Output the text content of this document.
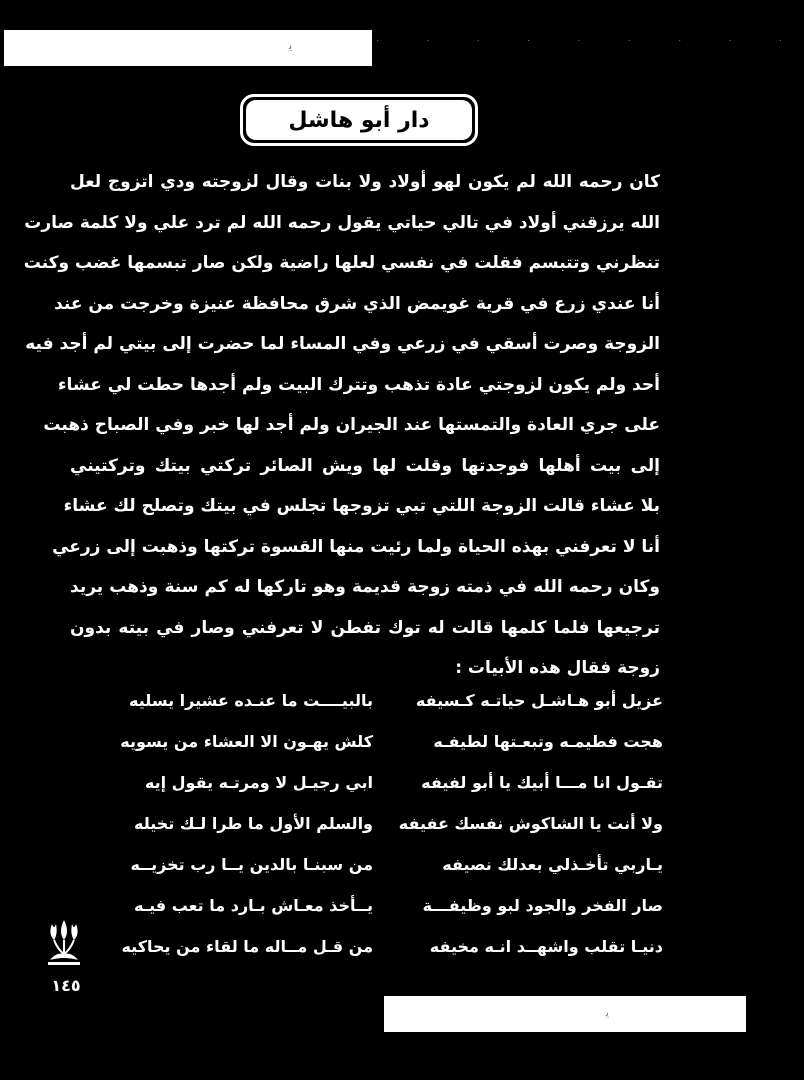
ﯾ	· · · · · · · · ·
دار أبو هاشل
كان رحمه الله لم يكون لهو أولاد ولا بنات وقال لزوجته ودي اتزوج لعل
الله يرزقني أولاد في تالي حياتي يقول رحمه الله لم ترد علي ولا كلمة صارت
تنظرني وتتبسم فقلت في نفسي لعلها راضية ولكن صار تبسمها غضب وكنت
أنا عندي زرع في قرية غويمض الذي شرق محافظة عنيزة وخرجت من عند
الزوجة وصرت أسقي في زرعي وفي المساء لما حضرت إلى بيتي لم أجد فيه
أحد ولم يكون لزوجتي عادة تذهب وتترك البيت ولم أجدها حطت لي عشاء
على جري العادة والتمستها عند الجيران ولم أجد لها خبر وفي الصباح ذهبت
إلى بيت أهلها فوجدتها وقلت لها ويش الصائر تركتي بيتك وتركتيني
بلا عشاء قالت الزوجة اللتي تبي تزوجها تجلس في بيتك وتصلح لك عشاء
أنا لا تعرفني بهذه الحياة ولما رئيت منها القسوة تركتها وذهبت إلى زرعي
وكان رحمه الله في ذمته زوجة قديمة وهو تاركها له كم سنة وذهب يريد
ترجيعها فلما كلمها قالت له توك تفطن لا تعرفني وصار في بيته بدون
زوجة فقال هذه الأبيات :
عزيل أبو هـاشـل حياتـه كـسيفه
بالبيــــت ما عنـده عشيرا يسليه
هجت فطيمـه وتبعـتها لطيفـه
كلش يهـون الا العشاء من يسويه
تقـول انا مـــا أبيك يا أبو لفيفه
ابي رجيـل لا ومرتـه يقول إيه
ولا أنت يا الشاكوش نفسك عفيفه
والسلم الأول ما طرا لـك تخيله
يـاربي تأخـذلي بعدلك نصيفه
من سبنـا بالدين يــا رب تخزيــه
صار الفخر والجود لبو وظيفـــة
يــأخذ معـاش بـارد ما تعب فيـه
دنيـا تقلب واشهــد انـه مخيفه
من قـل مــاله ما لقاء من يحاكيه
١٤٥
ﯾ
